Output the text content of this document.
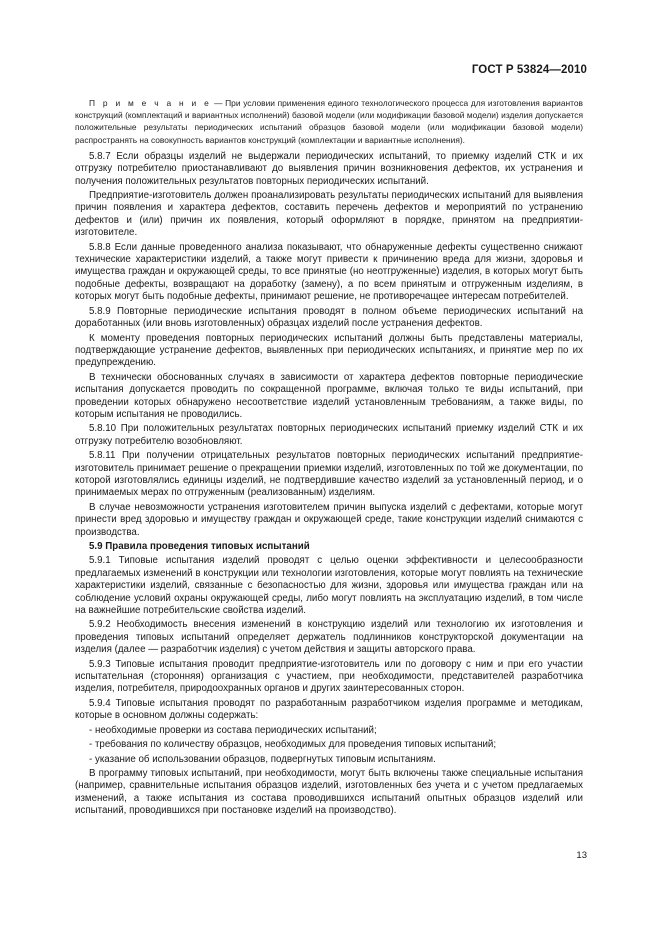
ГОСТ Р 53824—2010
П р и м е ч а н и е — При условии применения единого технологического процесса для изготовления вариантов конструкций (комплектаций и вариантных исполнений) базовой модели (или модификации базовой модели) изделия допускается положительные результаты периодических испытаний образцов базовой модели (или модификации базовой модели) распространять на совокупность вариантов конструкций (комплектации и вариантные исполнения).

5.8.7 Если образцы изделий не выдержали периодических испытаний, то приемку изделий СТК и их отгрузку потребителю приостанавливают до выявления причин возникновения дефектов, их устранения и получения положительных результатов повторных периодических испытаний.

Предприятие-изготовитель должен проанализировать результаты периодических испытаний для выявления причин появления и характера дефектов, составить перечень дефектов и мероприятий по устранению дефектов и (или) причин их появления, который оформляют в порядке, принятом на предприятии-изготовителе.

5.8.8 Если данные проведенного анализа показывают, что обнаруженные дефекты существенно снижают технические характеристики изделий, а также могут привести к причинению вреда для жизни, здоровья и имущества граждан и окружающей среды, то все принятые (но неотгруженные) изделия, в которых могут быть подобные дефекты, возвращают на доработку (замену), а по всем принятым и отгруженным изделиям, в которых могут быть подобные дефекты, принимают решение, не противоречащее интересам потребителей.

5.8.9 Повторные периодические испытания проводят в полном объеме периодических испытаний на доработанных (или вновь изготовленных) образцах изделий после устранения дефектов.

К моменту проведения повторных периодических испытаний должны быть представлены материалы, подтверждающие устранение дефектов, выявленных при периодических испытаниях, и принятие мер по их предупреждению.

В технически обоснованных случаях в зависимости от характера дефектов повторные периодические испытания допускается проводить по сокращенной программе, включая только те виды испытаний, при проведении которых обнаружено несоответствие изделий установленным требованиям, а также виды, по которым испытания не проводились.

5.8.10 При положительных результатах повторных периодических испытаний приемку изделий СТК и их отгрузку потребителю возобновляют.

5.8.11 При получении отрицательных результатов повторных периодических испытаний предприятие-изготовитель принимает решение о прекращении приемки изделий, изготовленных по той же документации, по которой изготовлялись единицы изделий, не подтвердившие качество изделий за установленный период, и о принимаемых мерах по отгруженным (реализованным) изделиям.

В случае невозможности устранения изготовителем причин выпуска изделий с дефектами, которые могут принести вред здоровью и имуществу граждан и окружающей среде, такие конструкции изделий снимаются с производства.

5.9 Правила проведения типовых испытаний

5.9.1 Типовые испытания изделий проводят с целью оценки эффективности и целесообразности предлагаемых изменений в конструкции или технологии изготовления, которые могут повлиять на технические характеристики изделий, связанные с безопасностью для жизни, здоровья или имущества граждан или на соблюдение условий охраны окружающей среды, либо могут повлиять на эксплуатацию изделий, в том числе на важнейшие потребительские свойства изделий.

5.9.2 Необходимость внесения изменений в конструкцию изделий или технологию их изготовления и проведения типовых испытаний определяет держатель подлинников конструкторской документации на изделия (далее — разработчик изделия) с учетом действия и защиты авторского права.

5.9.3 Типовые испытания проводит предприятие-изготовитель или по договору с ним и при его участии испытательная (сторонняя) организация с участием, при необходимости, представителей разработчика изделия, потребителя, природоохранных органов и других заинтересованных сторон.

5.9.4 Типовые испытания проводят по разработанным разработчиком изделия программе и методикам, которые в основном должны содержать:

- необходимые проверки из состава периодических испытаний;

- требования по количеству образцов, необходимых для проведения типовых испытаний;

- указание об использовании образцов, подвергнутых типовым испытаниям.

В программу типовых испытаний, при необходимости, могут быть включены также специальные испытания (например, сравнительные испытания образцов изделий, изготовленных без учета и с учетом предлагаемых изменений, а также испытания из состава проводившихся испытаний опытных образцов изделий или испытаний, проводившихся при постановке изделий на производство).

13
